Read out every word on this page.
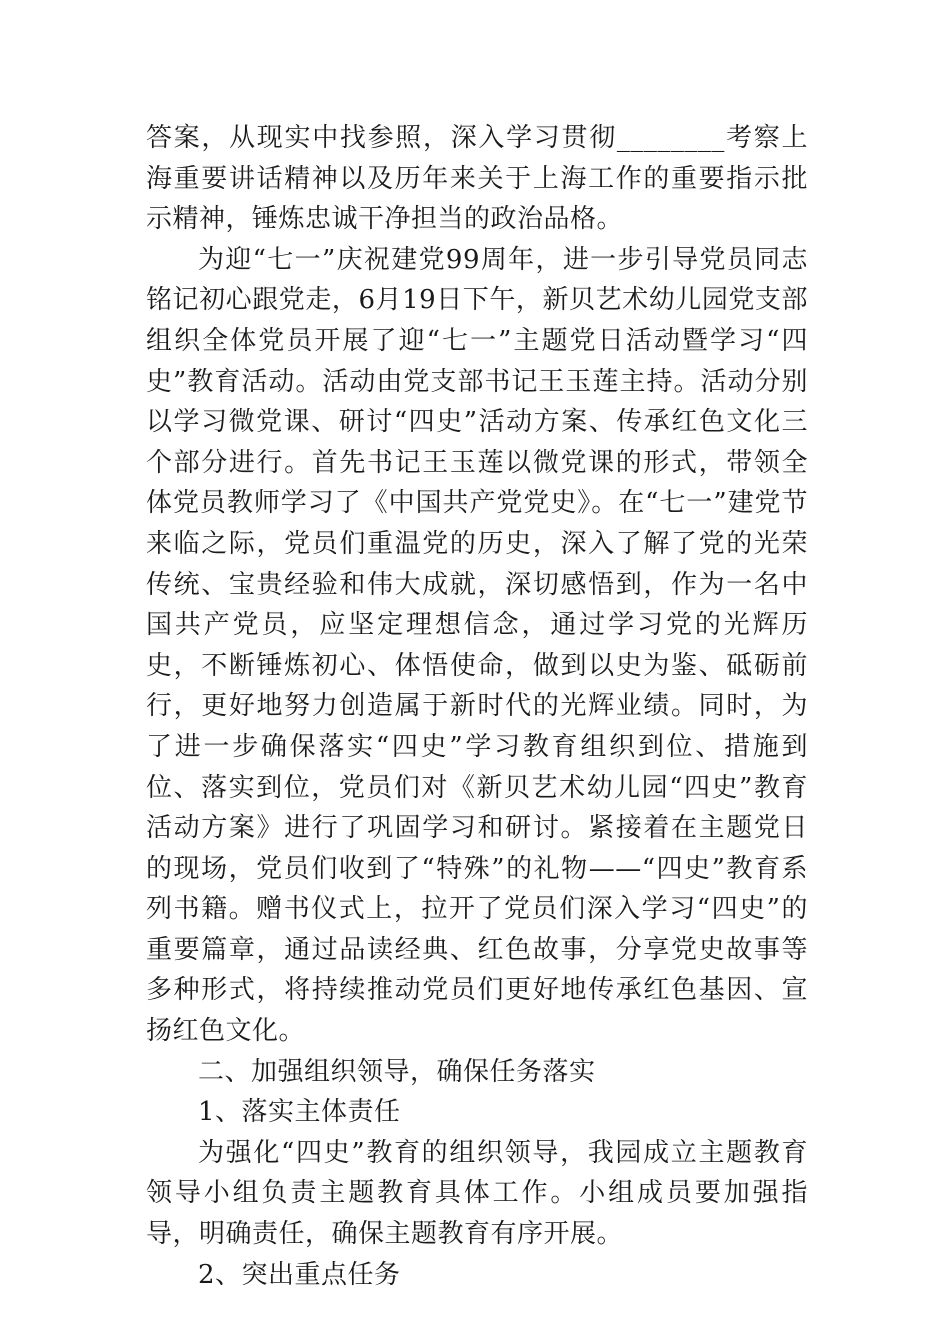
答案，从现实中找参照，深入学习贯彻________考察上海重要讲话精神以及历年来关于上海工作的重要指示批示精神，锤炼忠诚干净担当的政治品格。

为迎“七一”庆祝建党99周年，进一步引导党员同志铭记初心跟党走，6月19日下午，新贝艺术幼儿园党支部组织全体党员开展了迎“七一”主题党日活动暨学习“四史”教育活动。活动由党支部书记王玉莲主持。活动分别以学习微党课、研讨“四史”活动方案、传承红色文化三个部分进行。首先书记王玉莲以微党课的形式，带领全体党员教师学习了《中国共产党党史》。在“七一”建党节来临之际，党员们重温党的历史，深入了解了党的光荣传统、宝贵经验和伟大成就，深切感悟到，作为一名中国共产党员，应坚定理想信念，通过学习党的光辉历史，不断锤炼初心、体悟使命，做到以史为鉴、砥砺前行，更好地努力创造属于新时代的光辉业绩。同时，为了进一步确保落实“四史”学习教育组织到位、措施到位、落实到位，党员们对《新贝艺术幼儿园“四史”教育活动方案》进行了巩固学习和研讨。紧接着在主题党日的现场，党员们收到了“特殊”的礼物——“四史”教育系列书籍。赠书仪式上，拉开了党员们深入学习“四史”的重要篇章，通过品读经典、红色故事，分享党史故事等多种形式，将持续推动党员们更好地传承红色基因、宣扬红色文化。

二、加强组织领导，确保任务落实

1、落实主体责任

为强化“四史”教育的组织领导，我园成立主题教育领导小组负责主题教育具体工作。小组成员要加强指导，明确责任，确保主题教育有序开展。

2、突出重点任务
